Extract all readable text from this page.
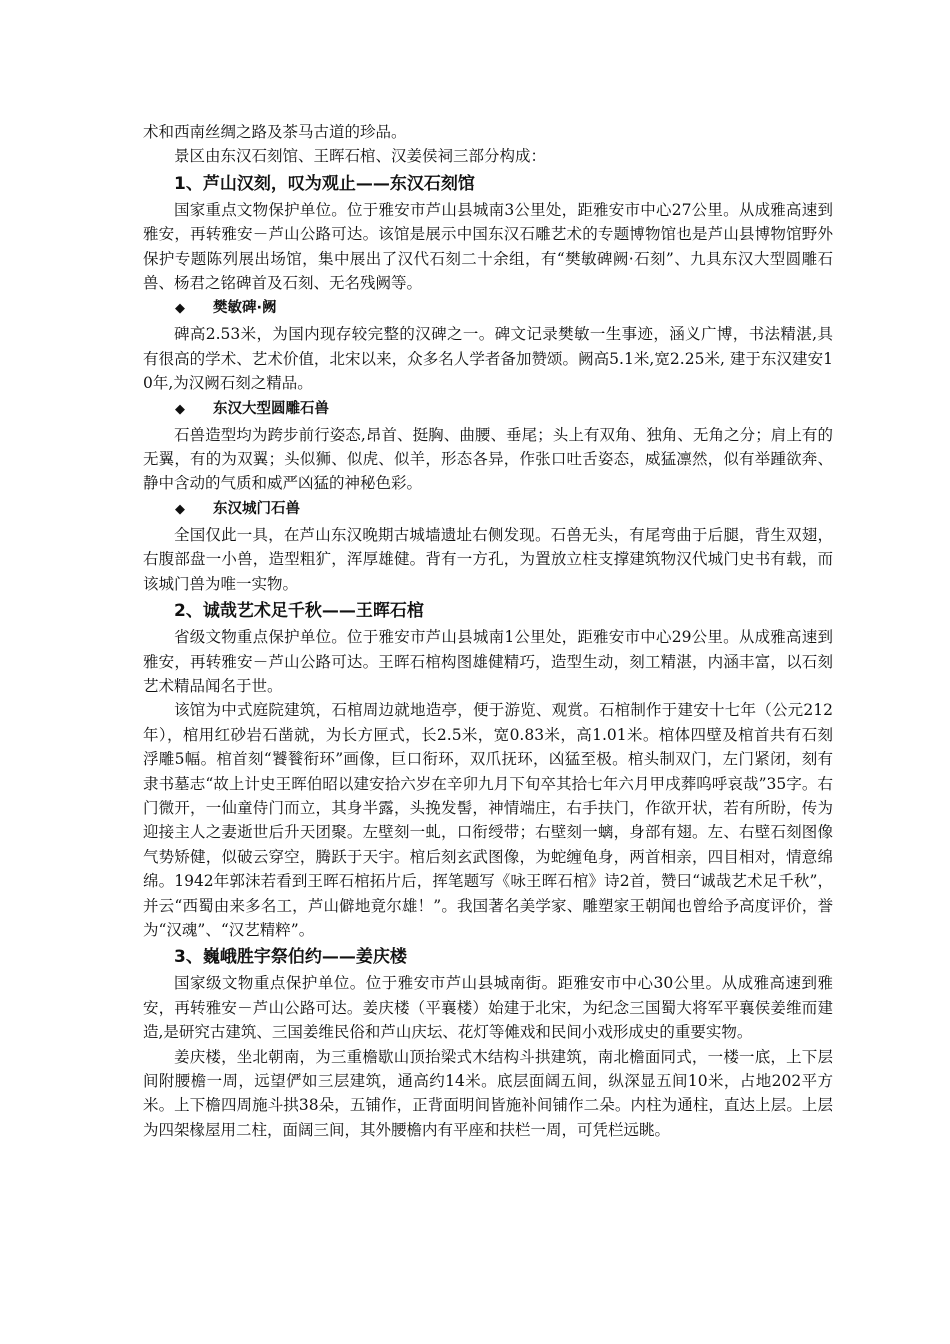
术和西南丝绸之路及茶马古道的珍品。

景区由东汉石刻馆、王晖石棺、汉姜侯祠三部分构成：

1、芦山汉刻，叹为观止——东汉石刻馆

国家重点文物保护单位。位于雅安市芦山县城南3公里处，距雅安市中心27公里。从成雅高速到雅安，再转雅安－芦山公路可达。该馆是展示中国东汉石雕艺术的专题博物馆也是芦山县博物馆野外保护专题陈列展出场馆，集中展出了汉代石刻二十余组，有“樊敏碑阙·石刻”、九具东汉大型圆雕石兽、杨君之铭碑首及石刻、无名残阙等。

◆ 樊敏碑·阙

碑高2.53米，为国内现存较完整的汉碑之一。碑文记录樊敏一生事迹，涵义广博，书法精湛,具有很高的学术、艺术价值，北宋以来，众多名人学者备加赞颂。阙高5.1米,宽2.25米, 建于东汉建安10年,为汉阙石刻之精品。

◆ 东汉大型圆雕石兽

石兽造型均为跨步前行姿态,昂首、挺胸、曲腰、垂尾；头上有双角、独角、无角之分；肩上有的无翼，有的为双翼；头似狮、似虎、似羊，形态各异，作张口吐舌姿态，威猛凛然，似有举踵欲奔、静中含动的气质和威严凶猛的神秘色彩。

◆ 东汉城门石兽

全国仅此一具，在芦山东汉晚期古城墙遗址右侧发现。石兽无头，有尾弯曲于后腿，背生双翅，右腹部盘一小兽，造型粗犷，浑厚雄健。背有一方孔，为置放立柱支撑建筑物汉代城门史书有载，而该城门兽为唯一实物。

2、诚哉艺术足千秋——王晖石棺

省级文物重点保护单位。位于雅安市芦山县城南1公里处，距雅安市中心29公里。从成雅高速到雅安，再转雅安－芦山公路可达。王晖石棺构图雄健精巧，造型生动，刻工精湛，内涵丰富，以石刻艺术精品闻名于世。

该馆为中式庭院建筑，石棺周边就地造亭，便于游览、观赏。石棺制作于建安十七年（公元212年），棺用红砂岩石凿就，为长方匣式，长2.5米，宽0.83米，高1.01米。棺体四壁及棺首共有石刻浮雕5幅。棺首刻“饕餮衔环”画像，巨口衔环，双爪抚环，凶猛至极。棺头制双门，左门紧闭，刻有隶书墓志“故上计史王晖伯昭以建安拾六岁在辛卯九月下旬卒其拾七年六月甲戌葬呜呼哀哉”35字。右门微开，一仙童侍门而立，其身半露，头挽发髻，神情端庄，右手扶门，作欲开状，若有所盼，传为迎接主人之妻逝世后升天团聚。左壁刻一虬，口衔绶带；右壁刻一螭，身部有翅。左、右壁石刻图像气势矫健，似破云穿空，腾跃于天宇。棺后刻玄武图像，为蛇缠龟身，两首相亲，四目相对，情意绵绵。1942年郭沫若看到王晖石棺拓片后，挥笔题写《咏王晖石棺》诗2首，赞曰“诚哉艺术足千秋”，并云“西蜀由来多名工，芦山僻地竟尔雄！”。我国著名美学家、雕塑家王朝闻也曾给予高度评价，誉为“汉魂”、“汉艺精粹”。

3、巍峨胜宇祭伯约——姜庆楼

国家级文物重点保护单位。位于雅安市芦山县城南街。距雅安市中心30公里。从成雅高速到雅安，再转雅安－芦山公路可达。姜庆楼（平襄楼）始建于北宋，为纪念三国蜀大将军平襄侯姜维而建造,是研究古建筑、三国姜维民俗和芦山庆坛、花灯等傩戏和民间小戏形成史的重要实物。

姜庆楼，坐北朝南，为三重檐歇山顶抬梁式木结构斗拱建筑，南北檐面同式，一楼一底，上下层间附腰檐一周，远望俨如三层建筑，通高约14米。底层面阔五间，纵深显五间10米，占地202平方米。上下檐四周施斗拱38朵，五铺作，正背面明间皆施补间铺作二朵。内柱为通柱，直达上层。上层为四架椽屋用二柱，面阔三间，其外腰檐内有平座和扶栏一周，可凭栏远眺。
